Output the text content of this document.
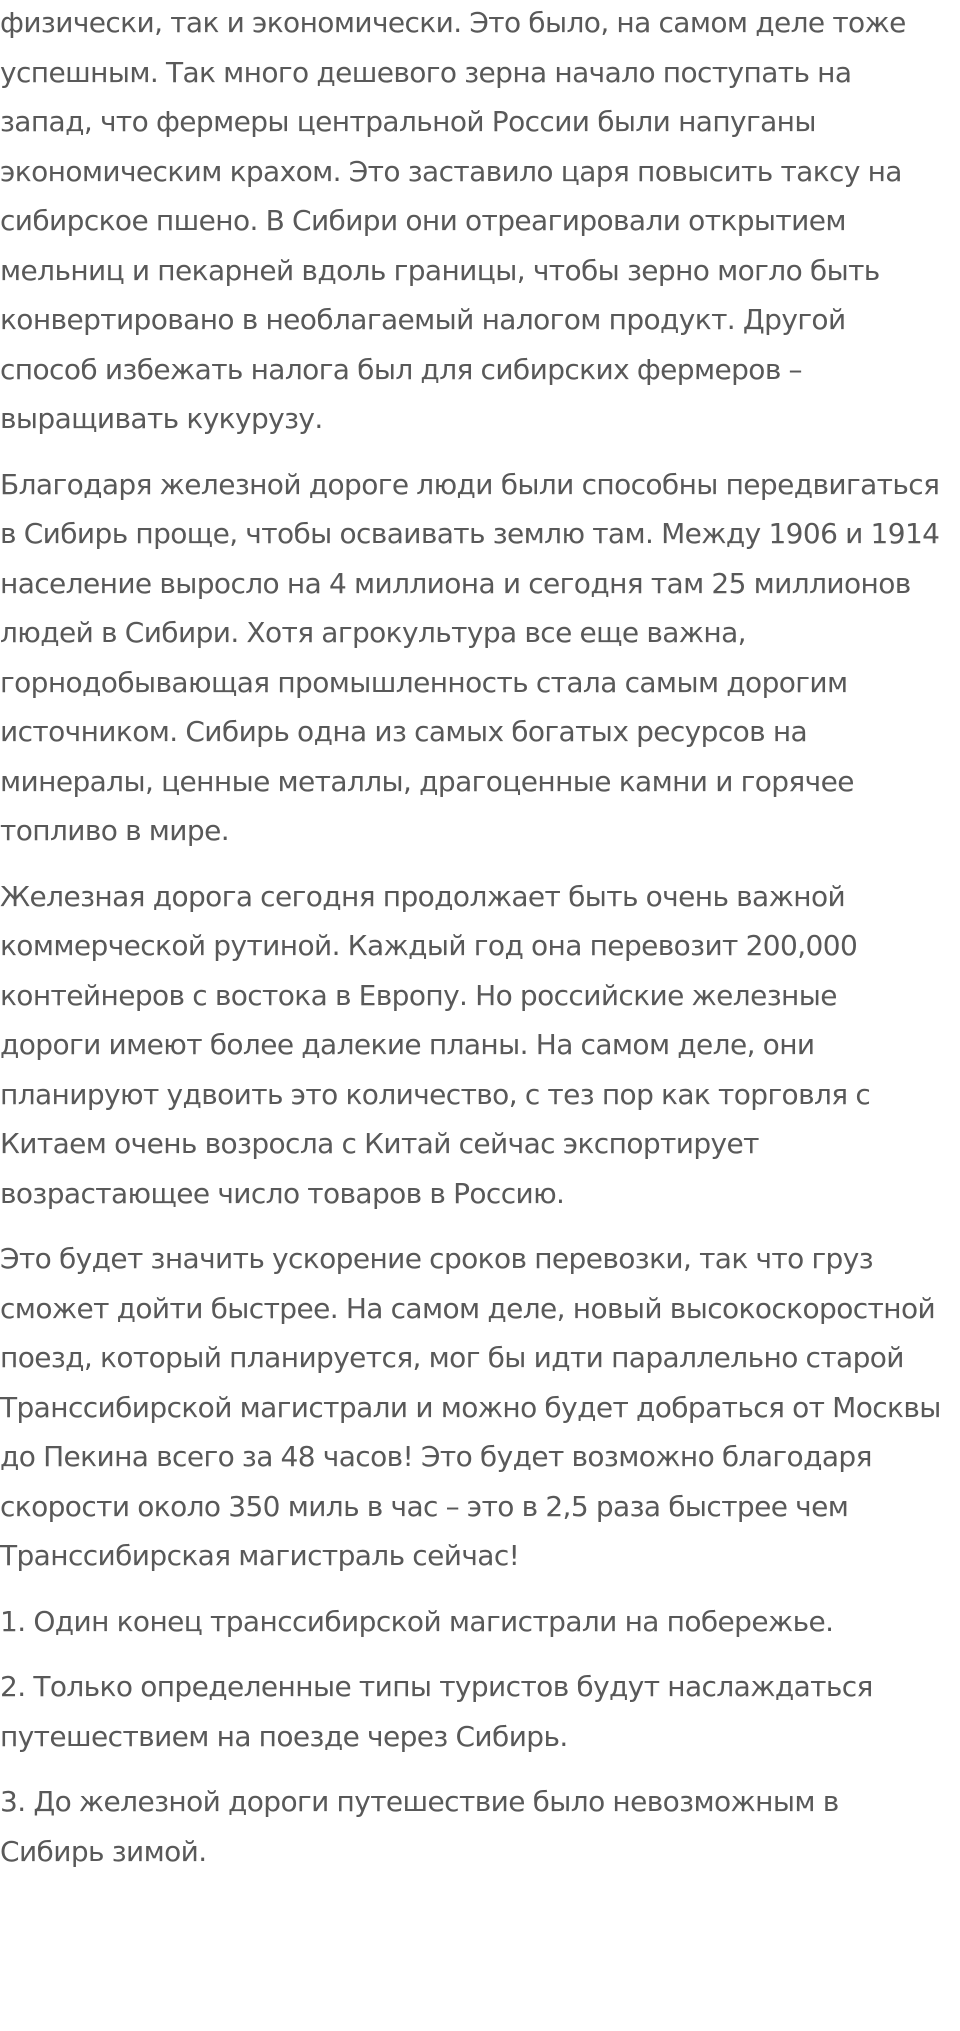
физически, так и экономически. Это было, на самом деле тоже успешным. Так много дешевого зерна начало поступать на запад, что фермеры центральной России были напуганы экономическим крахом. Это заставило царя повысить таксу на сибирское пшено. В Сибири они отреагировали открытием мельниц и пекарней вдоль границы, чтобы зерно могло быть конвертировано в необлагаемый налогом продукт. Другой способ избежать налога был для сибирских фермеров – выращивать кукурузу.

Благодаря железной дороге люди были способны передвигаться в Сибирь проще, чтобы осваивать землю там. Между 1906 и 1914 население выросло на 4 миллиона и сегодня там 25 миллионов людей в Сибири. Хотя агрокультура все еще важна, горнодобывающая промышленность стала самым дорогим источником. Сибирь одна из самых богатых ресурсов на минералы, ценные металлы, драгоценные камни и горячее топливо в мире.

Железная дорога сегодня продолжает быть очень важной коммерческой рутиной. Каждый год она перевозит 200,000 контейнеров с востока в Европу. Но российские железные дороги имеют более далекие планы. На самом деле, они планируют удвоить это количество, с тез пор как торговля с Китаем очень возросла с Китай сейчас экспортирует возрастающее число товаров в Россию.

Это будет значить ускорение сроков перевозки, так что груз сможет дойти быстрее. На самом деле, новый высокоскоростной поезд, который планируется, мог бы идти параллельно старой Транссибирской магистрали и можно будет добраться от Москвы до Пекина всего за 48 часов! Это будет возможно благодаря скорости около 350 миль в час – это в 2,5 раза быстрее чем Транссибирская магистраль сейчас!

1. Один конец транссибирской магистрали на побережье.

2. Только определенные типы туристов будут наслаждаться путешествием на поезде через Сибирь.

3. До железной дороги путешествие было невозможным в Сибирь зимой.
